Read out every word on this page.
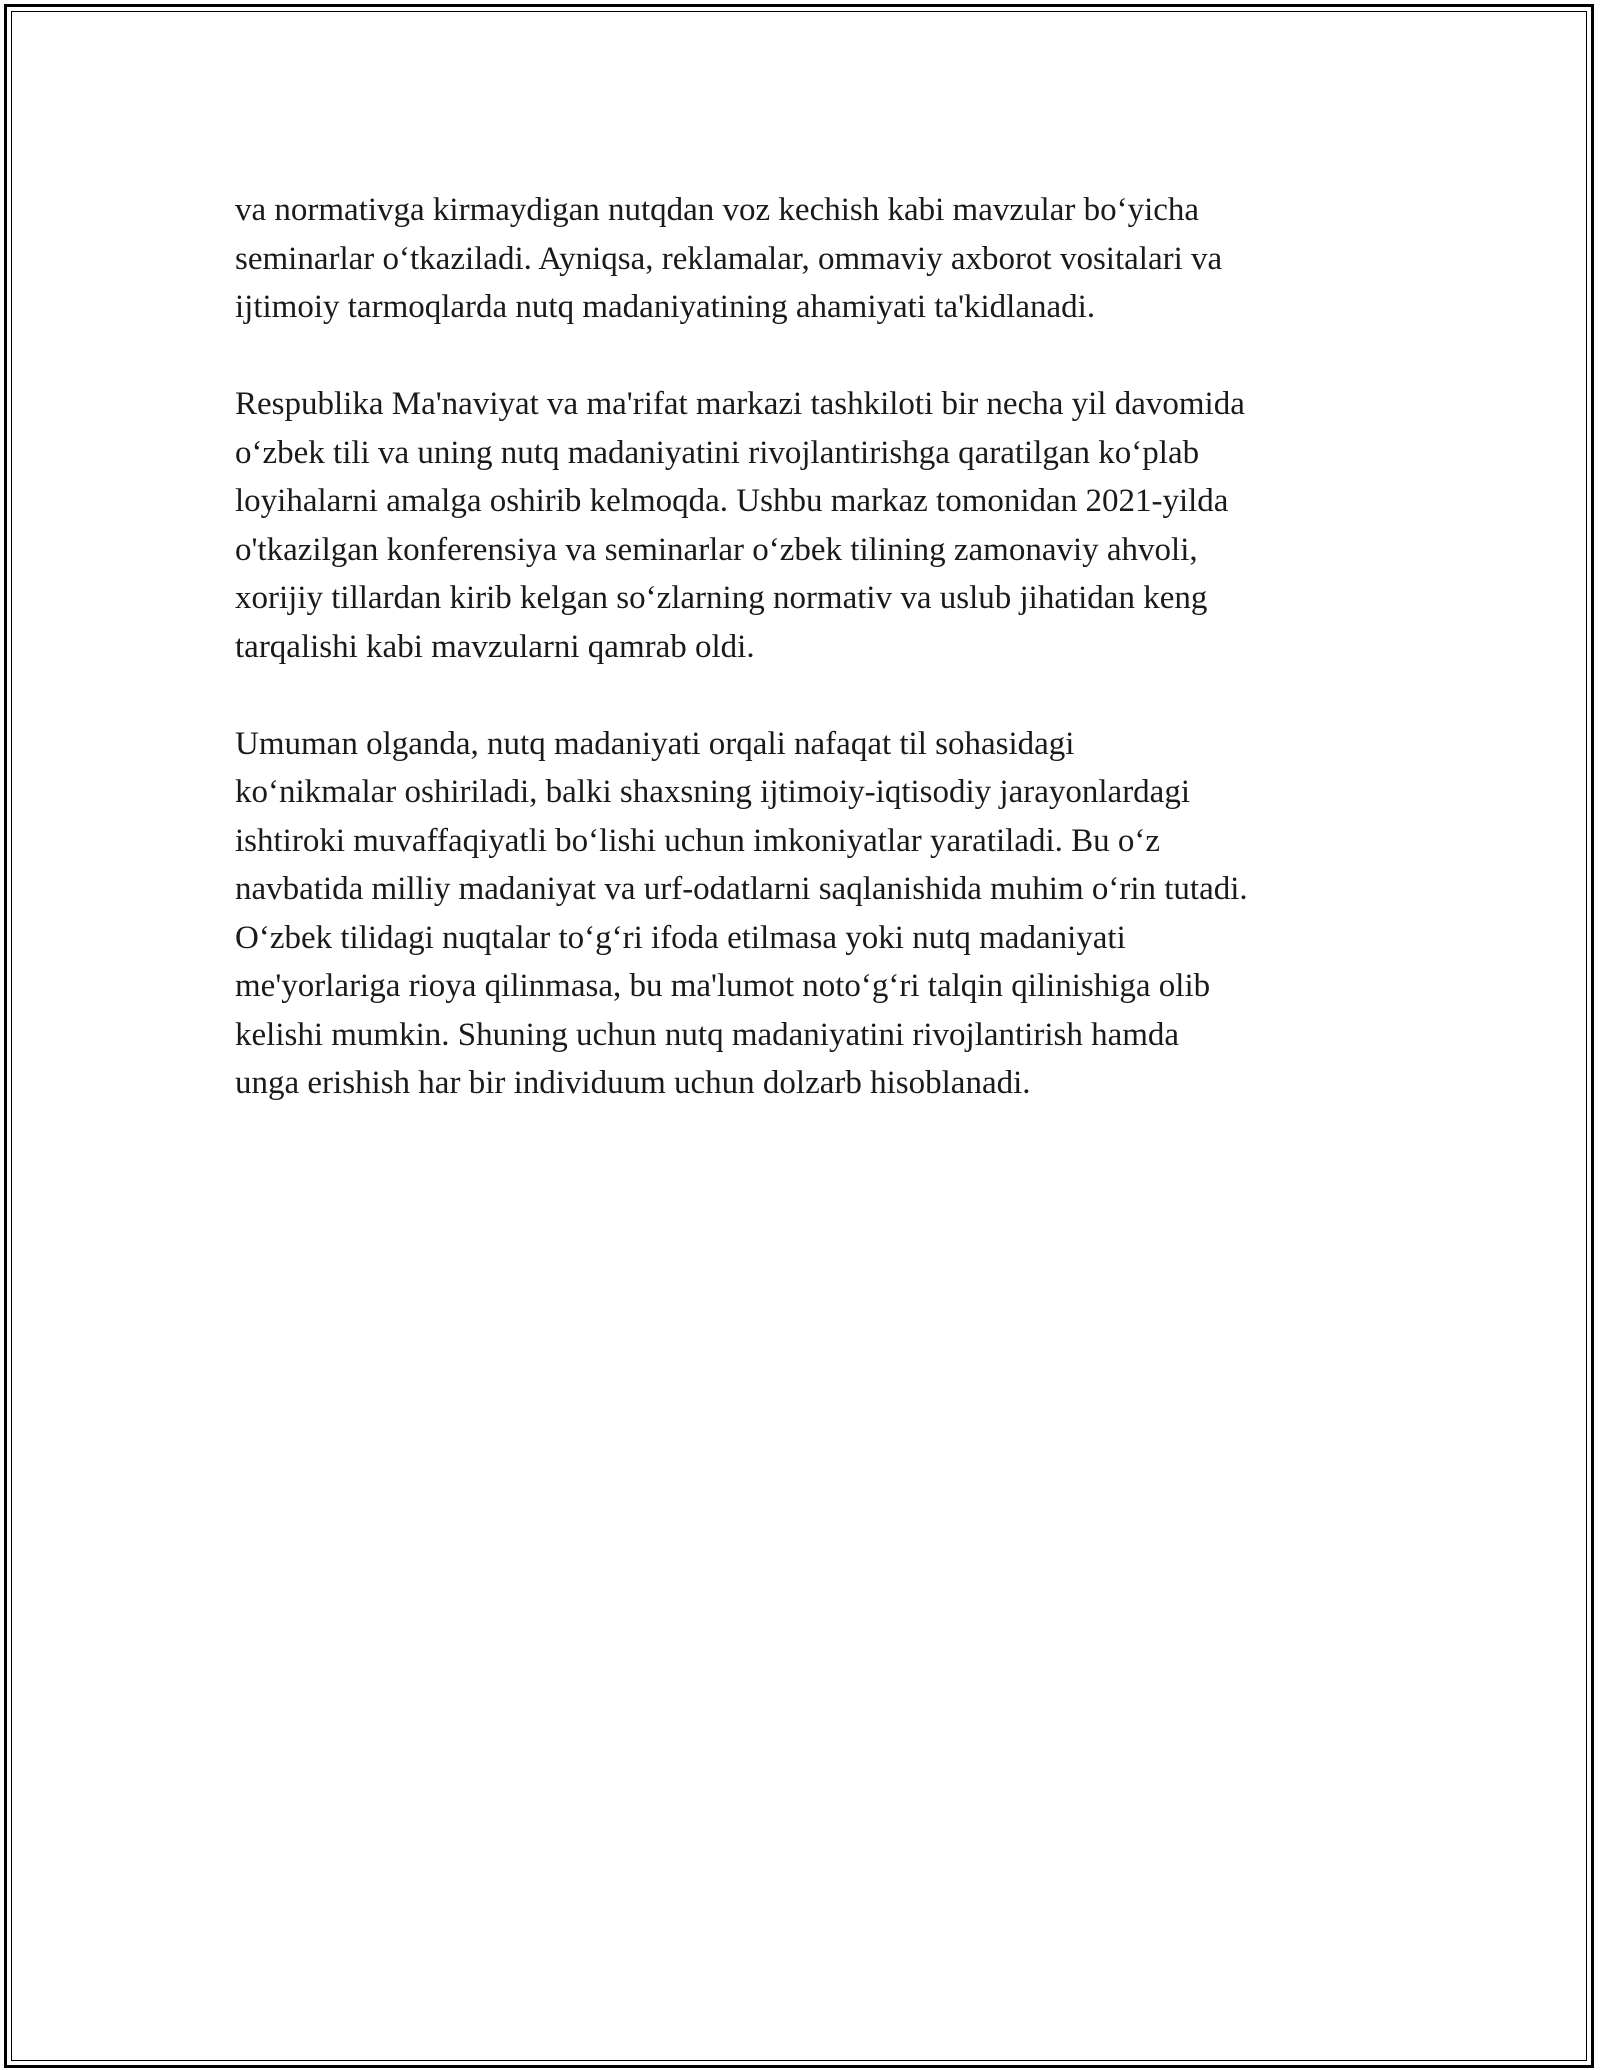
va normativga kirmaydigan nutqdan voz kechish kabi mavzular bo‘yicha
seminarlar o‘tkaziladi. Ayniqsa, reklamalar, ommaviy axborot vositalari va
ijtimoiy tarmoqlarda nutq madaniyatining ahamiyati ta'kidlanadi.

Respublika Ma'naviyat va ma'rifat markazi tashkiloti bir necha yil davomida
o‘zbek tili va uning nutq madaniyatini rivojlantirishga qaratilgan ko‘plab
loyihalarni amalga oshirib kelmoqda. Ushbu markaz tomonidan 2021-yilda
o'tkazilgan konferensiya va seminarlar o‘zbek tilining zamonaviy ahvoli,
xorijiy tillardan kirib kelgan so‘zlarning normativ va uslub jihatidan keng
tarqalishi kabi mavzularni qamrab oldi.

Umuman olganda, nutq madaniyati orqali nafaqat til sohasidagi
ko‘nikmalar oshiriladi, balki shaxsning ijtimoiy-iqtisodiy jarayonlardagi
ishtiroki muvaffaqiyatli bo‘lishi uchun imkoniyatlar yaratiladi. Bu o‘z
navbatida milliy madaniyat va urf-odatlarni saqlanishida muhim o‘rin tutadi.
O‘zbek tilidagi nuqtalar to‘g‘ri ifoda etilmasa yoki nutq madaniyati
me'yorlariga rioya qilinmasa, bu ma'lumot noto‘g‘ri talqin qilinishiga olib
kelishi mumkin. Shuning uchun nutq madaniyatini rivojlantirish hamda
unga erishish har bir individuum uchun dolzarb hisoblanadi.
